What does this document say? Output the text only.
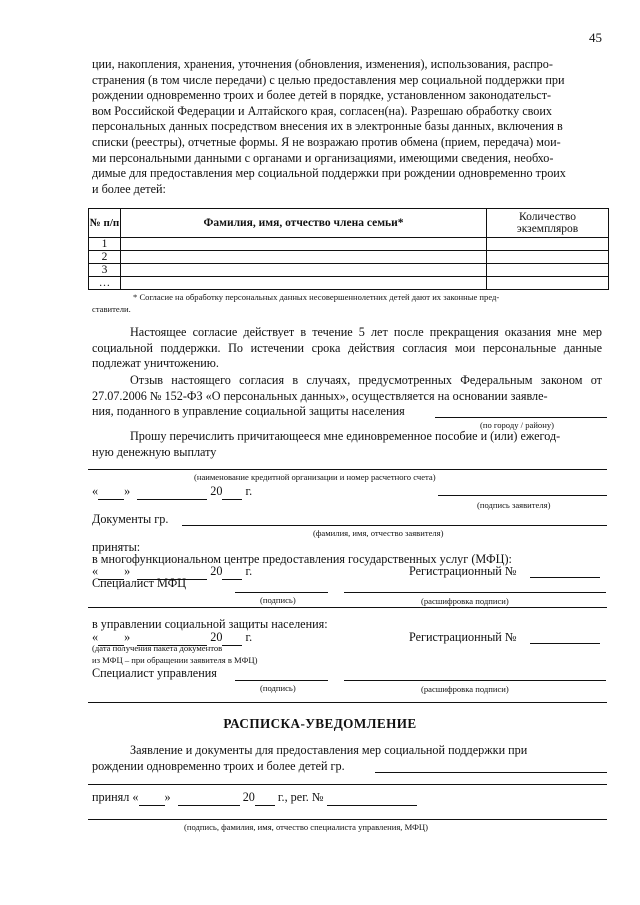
45
ции, накопления, хранения, уточнения (обновления, изменения), использования, распро-
странения (в том числе передачи) с целью предоставления мер социальной поддержки при
рождении одновременно троих и более детей в порядке, установленном законодательст-
вом Российской Федерации и Алтайского края, согласен(на). Разрешаю обработку своих
персональных данных посредством внесения их в электронные базы данных, включения в
списки (реестры), отчетные формы. Я не возражаю против обмена (прием, передача) мои-
ми персональными данными с органами и организациями, имеющими сведения, необхо-
димые для предоставления мер социальной поддержки при рождении одновременно троих
и более детей:
№ п/п	Фамилия, имя, отчество члена семьи*	Количество экземпляров
1		
2		
3		
…		
* Согласие на обработку персональных данных несовершеннолетних детей дают их законные пред-
ставители.
Настоящее согласие действует в течение 5 лет после прекращения оказания мне мер социальной поддержки. По истечении срока действия согласия мои персональные данные подлежат уничтожению.
Отзыв настоящего согласия в случаях, предусмотренных Федеральным законом от 27.07.2006 № 152-ФЗ «О персональных данных», осуществляется на основании заявле-
ния, поданного в управление социальной защиты населения
(по городу / району)
Прошу перечислить причитающееся мне единовременное пособие и (или) ежегод-
ную денежную выплату
(наименование кредитной организации и номер расчетного счета)
« »	20 г.
(подпись заявителя)
Документы гр.
(фамилия, имя, отчество заявителя)
приняты:
в многофункциональном центре предоставления государственных услуг (МФЦ):
« »	20 г.	Регистрационный №
Специалист МФЦ
(подпись)	(расшифровка подписи)
в управлении социальной защиты населения:
« »	20 г.	Регистрационный №
(дата получения пакета документов
из МФЦ – при обращении заявителя в МФЦ)
Специалист управления
(подпись)	(расшифровка подписи)
РАСПИСКА-УВЕДОМЛЕНИЕ
Заявление и документы для предоставления мер социальной поддержки при
рождении одновременно троих и более детей гр.
принял « »	20 г., рег. №
(подпись, фамилия, имя, отчество специалиста управления, МФЦ)
